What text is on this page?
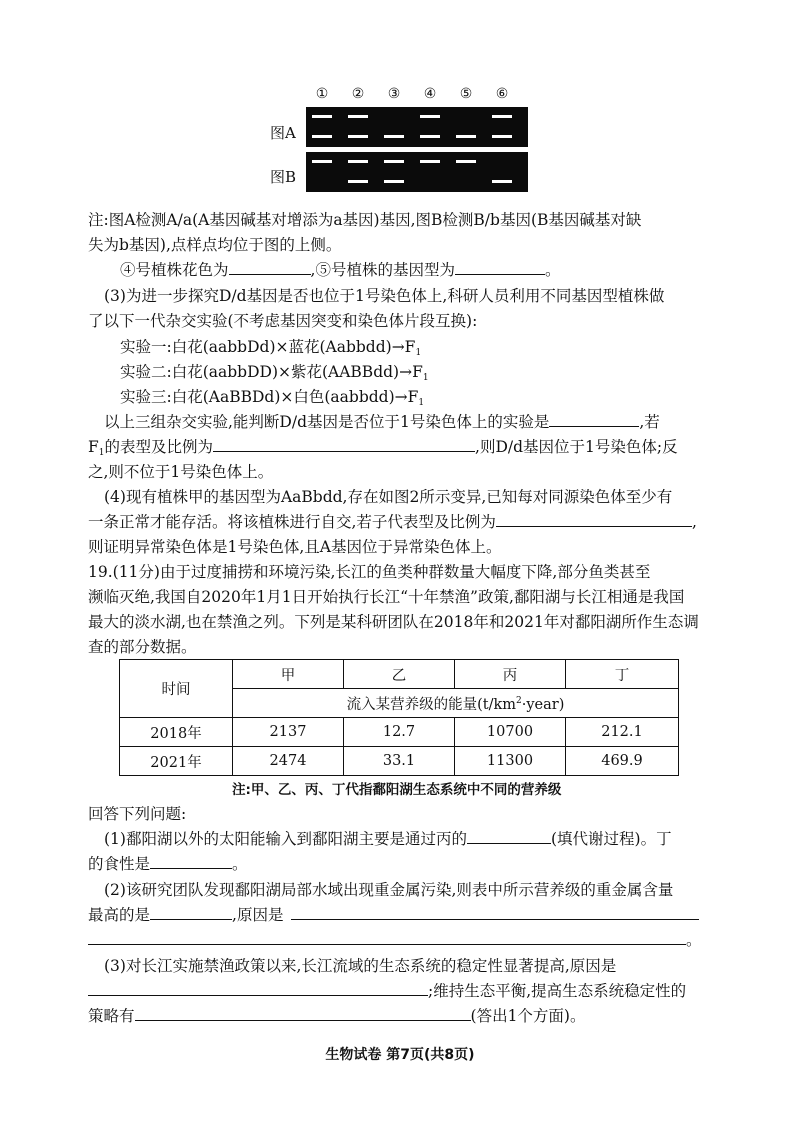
① ② ③ ④ ⑤ ⑥
图A
图B
注:图A检测A/a(A基因碱基对增添为a基因)基因,图B检测B/b基因(B基因碱基对缺
失为b基因),点样点均位于图的上侧。
④号植株花色为	,⑤号植株的基因型为	。
(3)为进一步探究D/d基因是否也位于1号染色体上,科研人员利用不同基因型植株做
了以下一代杂交实验(不考虑基因突变和染色体片段互换):
实验一:白花(aabbDd)×蓝花$(Aabbdd)\to F_1$
实验二:白花(aabbDD)×紫花$(AABBdd)\to F_1$
实验三:白花(AaBBDd)×白色$(aabbdd)\to F_1$
以上三组杂交实验,能判断D/d基因是否位于1号染色体上的实验是	,若
$F_1$的表型及比例为	,则D/d基因位于1号染色体;反
之,则不位于1号染色体上。
(4)现有植株甲的基因型为AaBbdd,存在如图2所示变异,已知每对同源染色体至少有
一条正常才能存活。将该植株进行自交,若子代表型及比例为	,
则证明异常染色体是1号染色体,且A基因位于异常染色体上。
19.(11分)由于过度捕捞和环境污染,长江的鱼类种群数量大幅度下降,部分鱼类甚至
濒临灭绝,我国自2020年1月1日开始执行长江“十年禁渔”政策,鄱阳湖与长江相通是我国
最大的淡水湖,也在禁渔之列。下列是某科研团队在2018年和2021年对鄱阳湖所作生态调
查的部分数据。
时间	甲	乙	丙	丁
	流入某营养级的能量$(t/km^2\cdot year)$			
2018年	2137	12.7	10700	212.1
2021年	2474	33.1	11300	469.9
注:甲、乙、丙、丁代指鄱阳湖生态系统中不同的营养级
回答下列问题:
(1)鄱阳湖以外的太阳能输入到鄱阳湖主要是通过丙的	(填代谢过程)。丁
的食性是	。
(2)该研究团队发现鄱阳湖局部水域出现重金属污染,则表中所示营养级的重金属含量
最高的是	,原因是
。
(3)对长江实施禁渔政策以来,长江流域的生态系统的稳定性显著提高,原因是
;维持生态平衡,提高生态系统稳定性的
策略有	(答出1个方面)。
生物试卷 第7页(共8页)
